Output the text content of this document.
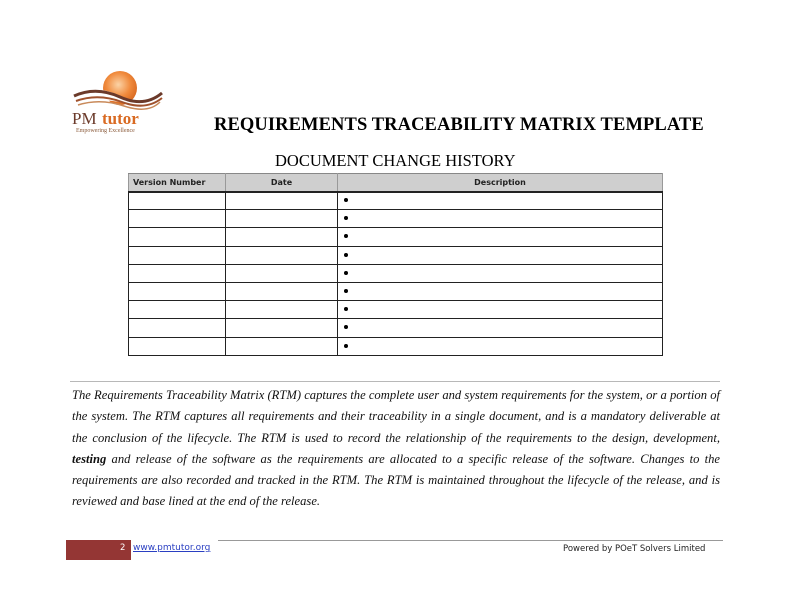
PM tutor
Empowering Excellence	REQUIREMENTS TRACEABILITY MATRIX TEMPLATE
DOCUMENT CHANGE HISTORY
Version Number	Date	Description

The Requirements Traceability Matrix (RTM) captures the complete user and system requirements for the system, or a portion of the system. The RTM captures all requirements and their traceability in a single document, and is a mandatory deliverable at the conclusion of the lifecycle. The RTM is used to record the relationship of the requirements to the design, development, testing and release of the software as the requirements are allocated to a specific release of the software. Changes to the requirements are also recorded and tracked in the RTM. The RTM is maintained throughout the lifecycle of the release, and is reviewed and base lined at the end of the release.

2 www.pmtutor.org	Powered by POeT Solvers Limited
